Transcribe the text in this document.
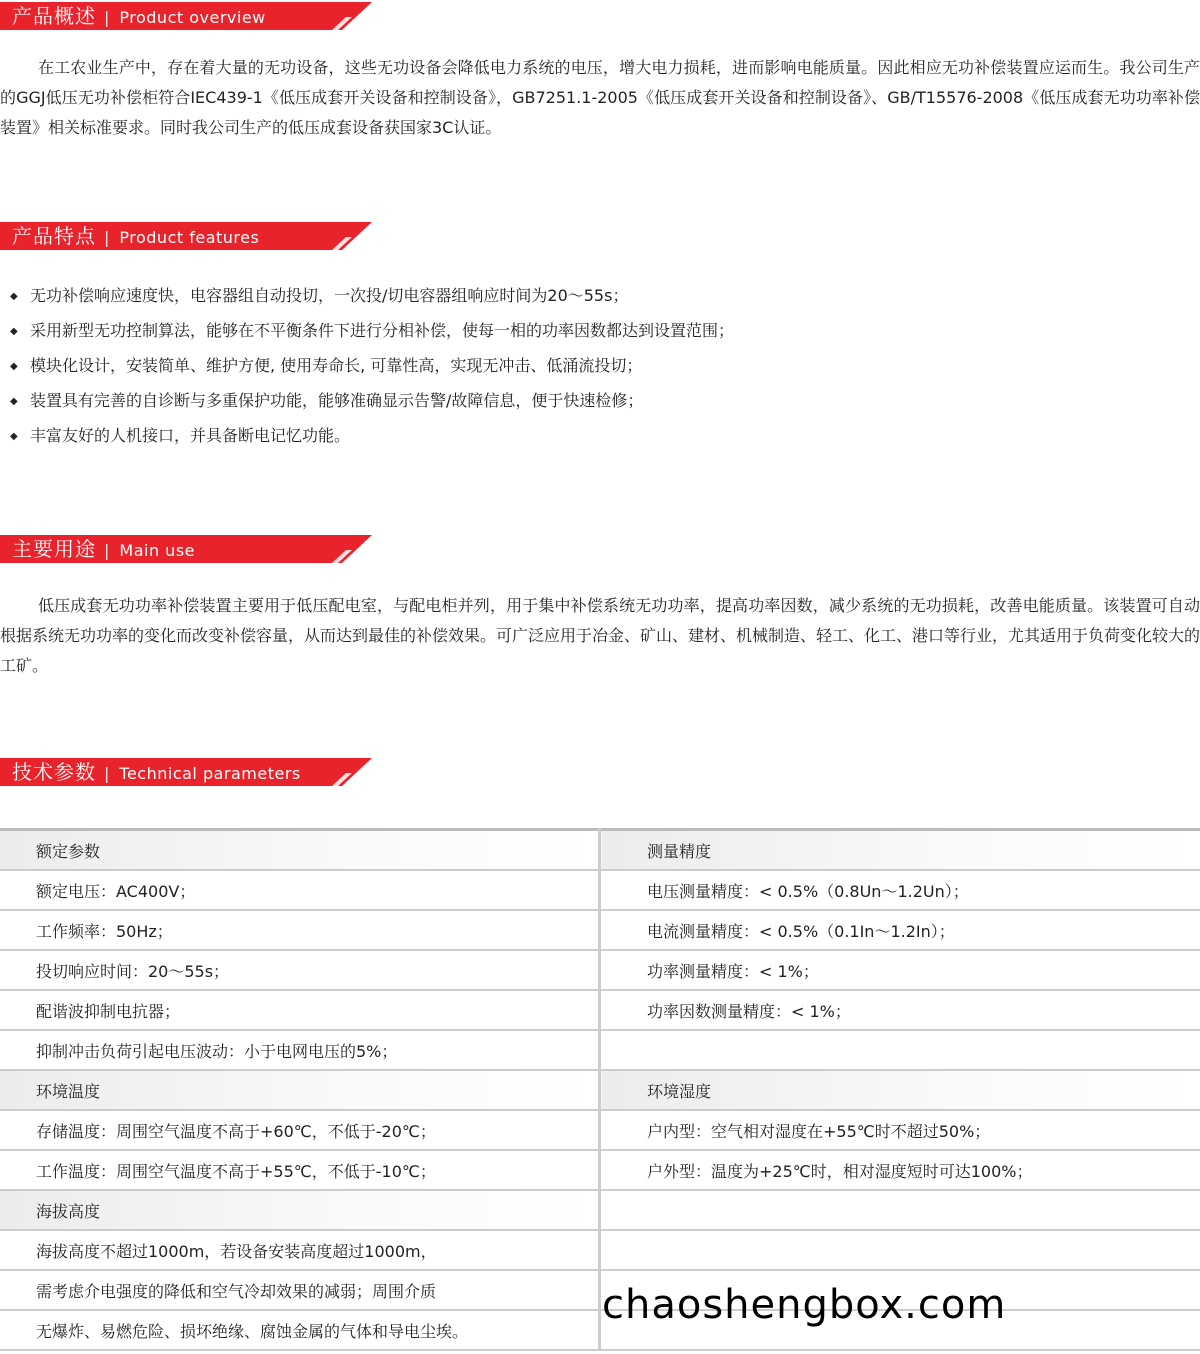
产品概述 | Product overview

在工农业生产中，存在着大量的无功设备，这些无功设备会降低电力系统的电压，增大电力损耗，进而影响电能质量。因此相应无功补偿装置应运而生。我公司生产的GGJ低压无功补偿柜符合IEC439-1《低压成套开关设备和控制设备》，GB7251.1-2005《低压成套开关设备和控制设备》、GB/T15576-2008《低压成套无功功率补偿装置》相关标准要求。同时我公司生产的低压成套设备获国家3C认证。

产品特点 | Product features
◆ 无功补偿响应速度快，电容器组自动投切，一次投/切电容器组响应时间为20～55s；
◆ 采用新型无功控制算法，能够在不平衡条件下进行分相补偿，使每一相的功率因数都达到设置范围；
◆ 模块化设计，安装简单、维护方便, 使用寿命长, 可靠性高，实现无冲击、低涌流投切；
◆ 装置具有完善的自诊断与多重保护功能，能够准确显示告警/故障信息，便于快速检修；
◆ 丰富友好的人机接口，并具备断电记忆功能。
主要用途 | Main use

低压成套无功功率补偿装置主要用于低压配电室，与配电柜并列，用于集中补偿系统无功功率，提高功率因数，减少系统的无功损耗，改善电能质量。该装置可自动根据系统无功功率的变化而改变补偿容量，从而达到最佳的补偿效果。可广泛应用于冶金、矿山、建材、机械制造、轻工、化工、港口等行业，尤其适用于负荷变化较大的工矿。

技术参数 | Technical parameters
额定参数	测量精度
额定电压：AC400V；	电压测量精度：< 0.5%（0.8Un～1.2Un）；
工作频率：50Hz；	电流测量精度：< 0.5%（0.1In～1.2In）；
投切响应时间：20～55s；	功率测量精度：< 1%；
配谐波抑制电抗器；	功率因数测量精度：< 1%；
抑制冲击负荷引起电压波动：小于电网电压的5%；	
环境温度	环境湿度
存储温度：周围空气温度不高于+60℃，不低于-20℃；	户内型：空气相对湿度在+55℃时不超过50%；
工作温度：周围空气温度不高于+55℃，不低于-10℃；	户外型：温度为+25℃时，相对湿度短时可达100%；
海拔高度	
海拔高度不超过1000m，若设备安装高度超过1000m，	
需考虑介电强度的降低和空气冷却效果的减弱；周围介质	
无爆炸、易燃危险、损坏绝缘、腐蚀金属的气体和导电尘埃。	
chaoshengbox.com
